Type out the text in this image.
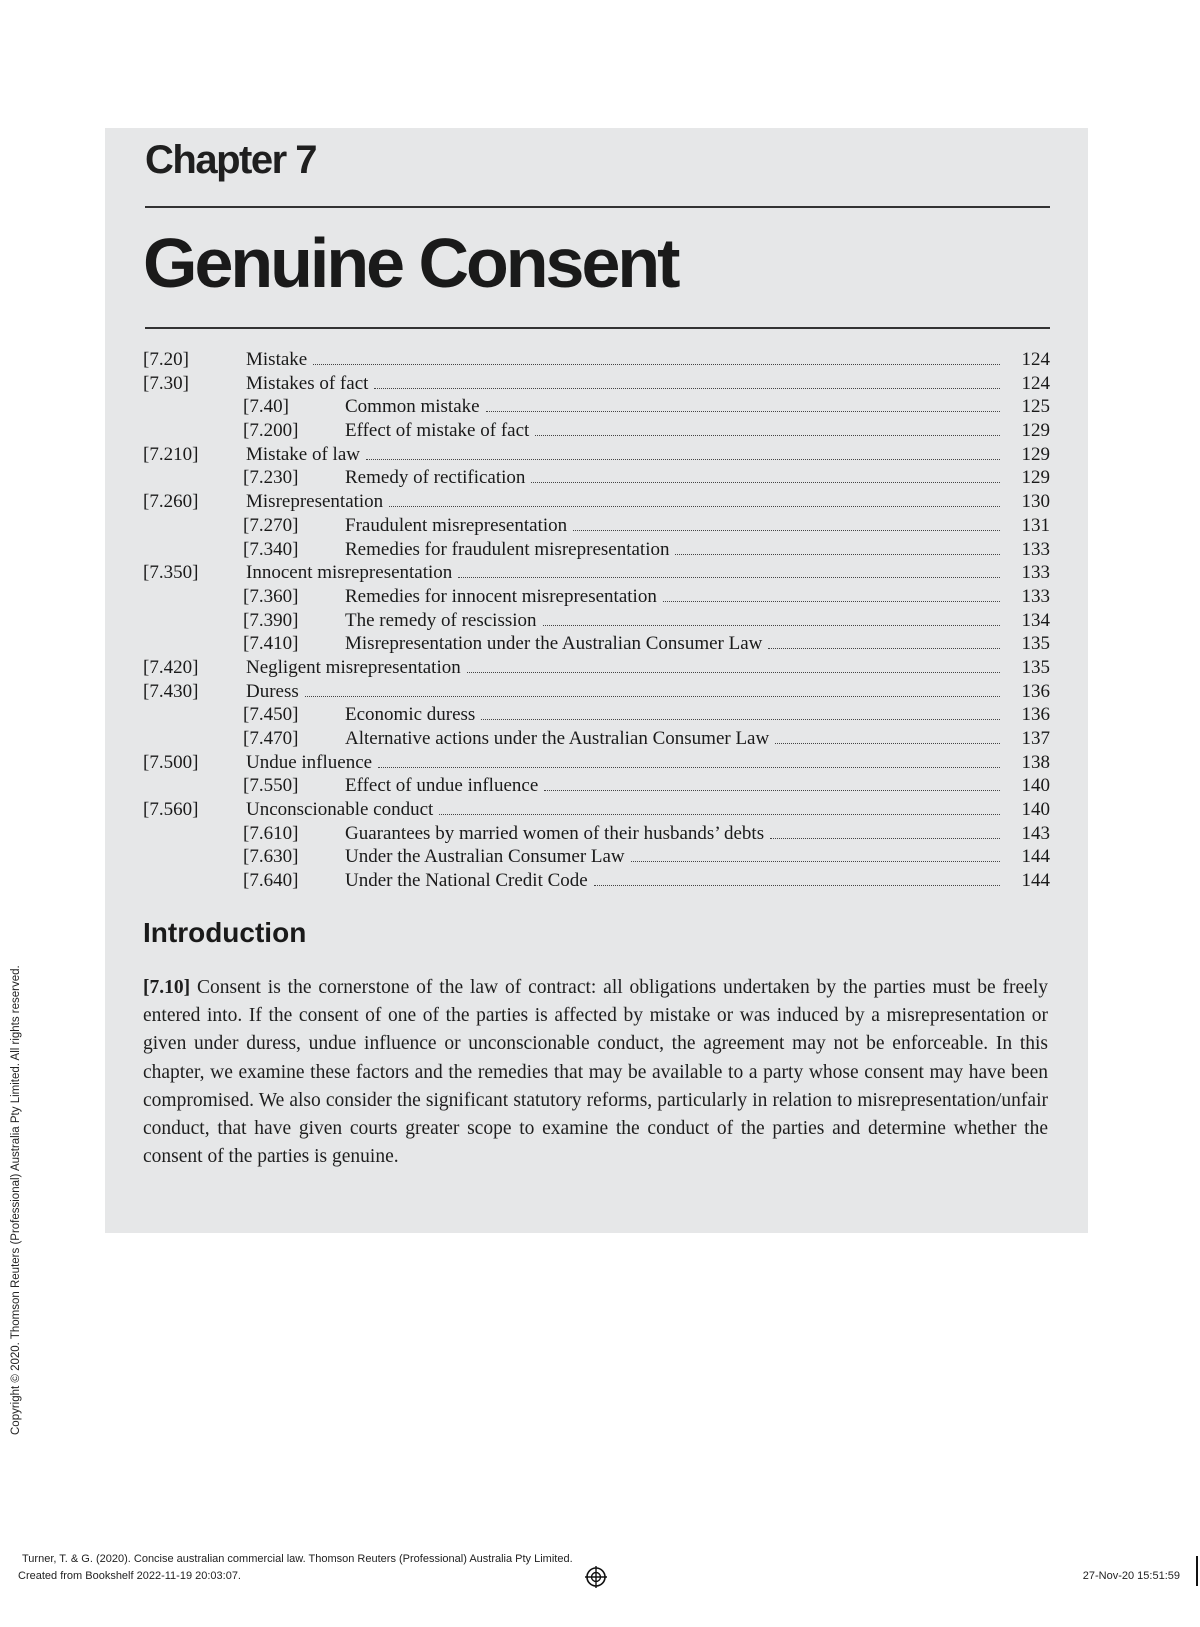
Chapter 7
Genuine Consent
[7.20]	Mistake	124
[7.30]	Mistakes of fact	124
[7.40]	Common mistake	125
[7.200] Effect of mistake of fact	129
[7.210]	Mistake of law	129
[7.230] Remedy of rectification	129
[7.260]	Misrepresentation	130
[7.270] Fraudulent misrepresentation	131
[7.340] Remedies for fraudulent misrepresentation	133
[7.350]	Innocent misrepresentation	133
[7.360] Remedies for innocent misrepresentation	133
[7.390] The remedy of rescission	134
[7.410] Misrepresentation under the Australian Consumer Law	135
[7.420]	Negligent misrepresentation	135
[7.430]	Duress	136
[7.450] Economic duress	136
[7.470] Alternative actions under the Australian Consumer Law	137
[7.500]	Undue influence	138
[7.550] Effect of undue influence	140
[7.560]	Unconscionable conduct	140
[7.610] Guarantees by married women of their husbands’ debts	143
[7.630] Under the Australian Consumer Law	144
[7.640] Under the National Credit Code	144
Introduction

[7.10] Consent is the cornerstone of the law of contract: all obligations undertaken by the parties must be freely entered into. If the consent of one of the parties is affected by mistake or was induced by a misrepresentation or given under duress, undue influence or unconscionable conduct, the agreement may not be enforceable. In this chapter, we examine these factors and the remedies that may be available to a party whose consent may have been compromised. We also consider the significant statutory reforms, particularly in relation to misrepresentation/unfair conduct, that have given courts greater scope to examine the conduct of the parties and determine whether the consent of the parties is genuine.

Copyright © 2020. Thomson Reuters (Professional) Australia Pty Limited. All rights reserved.
Turner, T. & G. (2020). Concise australian commercial law. Thomson Reuters (Professional) Australia Pty Limited.
Created from Bookshelf 2022-11-19 20:03:07.	27-Nov-20 15:51:59
